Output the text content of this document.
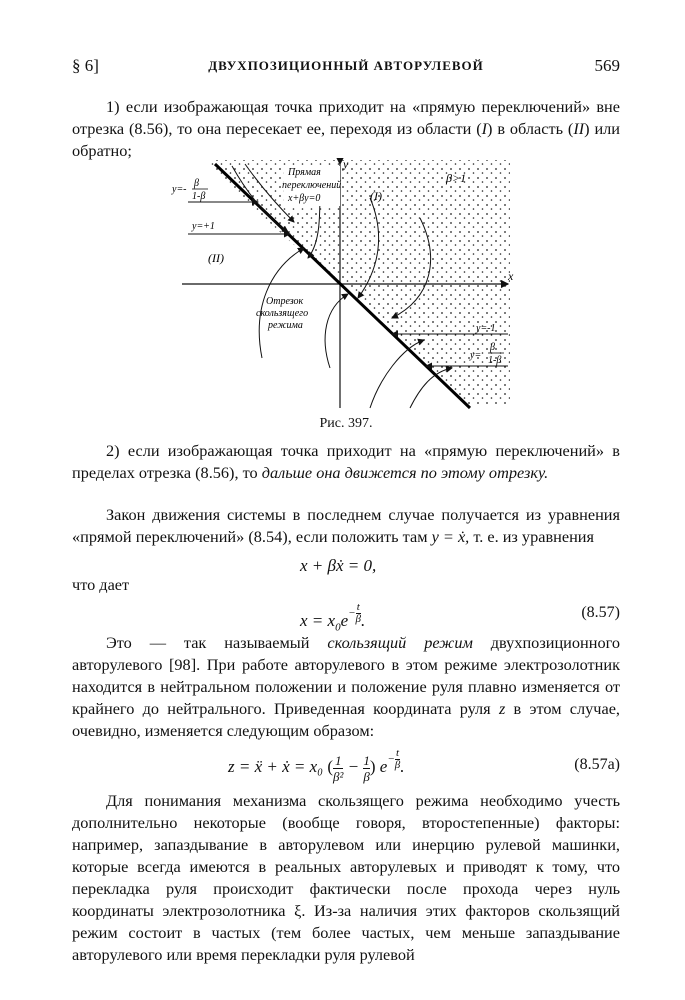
§ 6]	ДВУХПОЗИЦИОННЫЙ АВТОРУЛЕВОЙ	569
1) если изображающая точка приходит на «прямую переключений» вне отрезка (8.56), то она пересекает ее, переходя из области (I) в область (II) или обратно;
y
x
Прямая
переключений
x+βy=0
y=-
β
1-β
y=+1
(I)
(II)
β>1
Отрезок
скользящего
режима	y=-1
y=
β
1-β
Рис. 397.
2) если изображающая точка приходит на «прямую переключений» в пределах отрезка (8.56), то дальше она движется по этому отрезку.
Закон движения системы в последнем случае получается из уравнения «прямой переключений» (8.54), если положить там y = ẋ, т. е. из уравнения
x + βẋ = 0,
что дает
$x = x_0e^{- \frac{t}{\beta}}$ .	(8.57)
Это — так называемый скользящий режим двухпозиционного авторулевого [98]. При работе авторулевого в этом режиме электрозолотник находится в нейтральном положении и положение руля плавно изменяется от крайнего до нейтрального. Приведенная координата руля z в этом случае, очевидно, изменяется следующим образом:
z = ẍ + ẋ = x₀ ( $\frac{1}{\text{β²}} - \frac{1}{\beta}$ ) $e^{- \frac{t}{\beta}}$ .	(8.57a)
Для понимания механизма скользящего режима необходимо учесть дополнительно некоторые (вообще говоря, второстепенные) факторы: например, запаздывание в авторулевом или инерцию рулевой машинки, которые всегда имеются в реальных авторулевых и приводят к тому, что перекладка руля происходит фактически после прохода через нуль координаты электрозолотника ξ. Из-за наличия этих факторов скользящий режим состоит в частых (тем более частых, чем меньше запаздывание авторулевого или время перекладки руля рулевой
